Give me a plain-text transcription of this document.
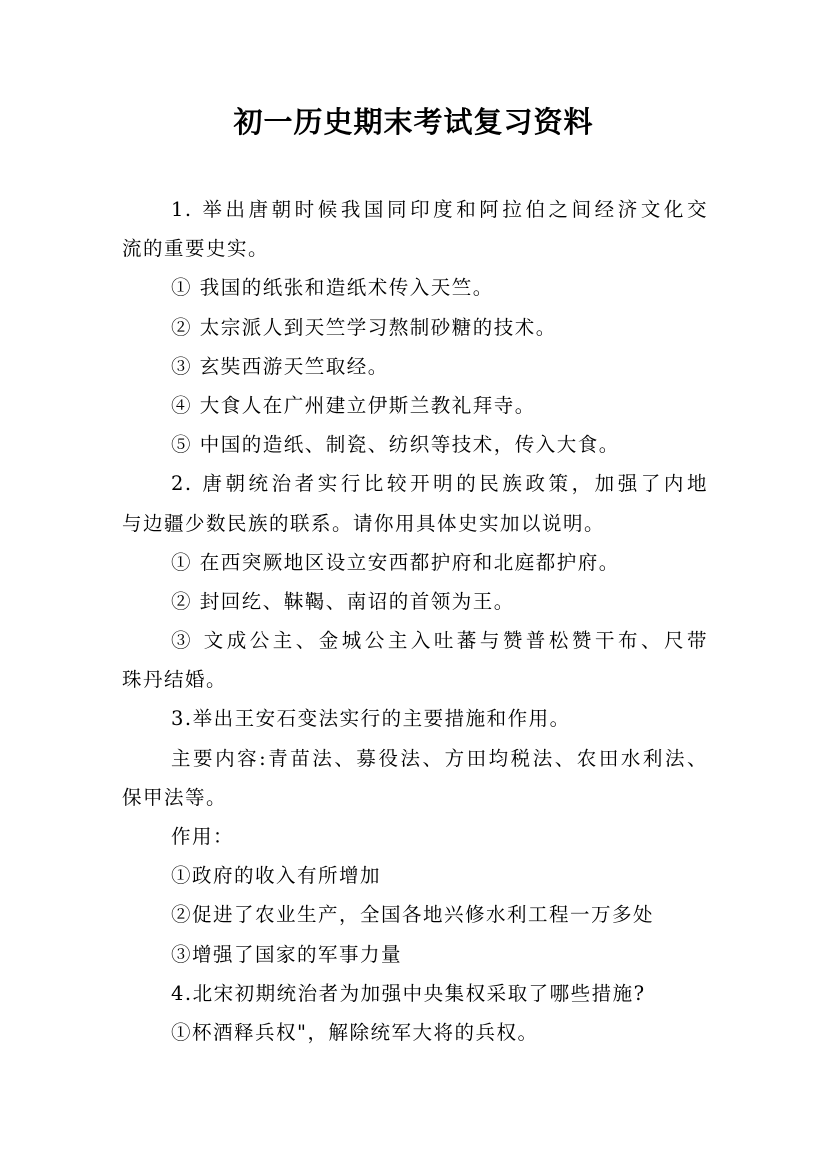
初一历史期末考试复习资料
1. 举出唐朝时候我国同印度和阿拉伯之间经济文化交
流的重要史实。
① 我国的纸张和造纸术传入天竺。
② 太宗派人到天竺学习熬制砂糖的技术。
③ 玄奘西游天竺取经。
④ 大食人在广州建立伊斯兰教礼拜寺。
⑤ 中国的造纸、制瓷、纺织等技术，传入大食。
2. 唐朝统治者实行比较开明的民族政策，加强了内地
与边疆少数民族的联系。请你用具体史实加以说明。
① 在西突厥地区设立安西都护府和北庭都护府。
② 封回纥、靺鞨、南诏的首领为王。
③ 文成公主、金城公主入吐蕃与赞普松赞干布、尺带
珠丹结婚。
3.举出王安石变法实行的主要措施和作用。
主要内容:青苗法、募役法、方田均税法、农田水利法、
保甲法等。
作用：
①政府的收入有所增加
②促进了农业生产，全国各地兴修水利工程一万多处
③增强了国家的军事力量
4.北宋初期统治者为加强中央集权采取了哪些措施?
①杯酒释兵权"，解除统军大将的兵权。
